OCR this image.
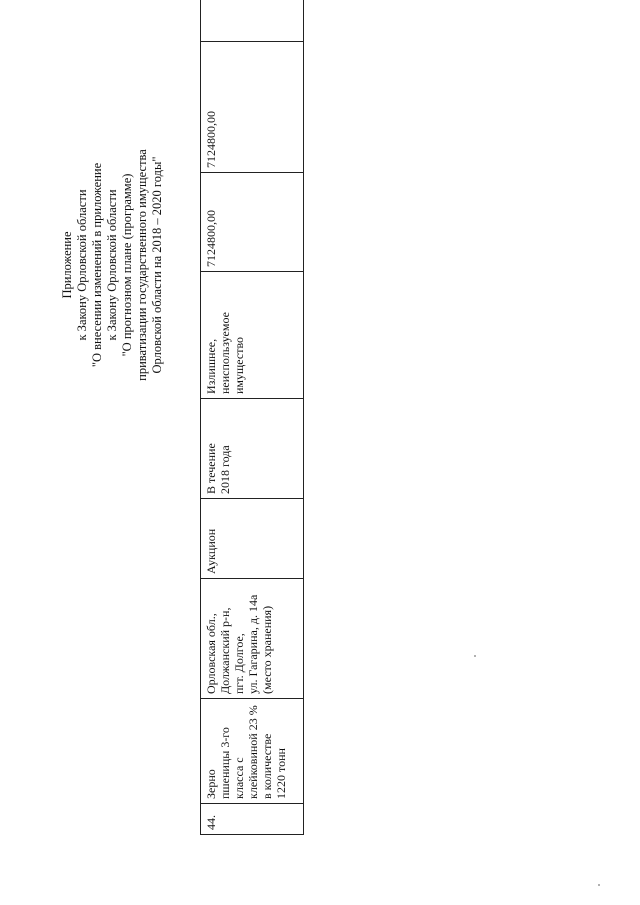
Приложение к Закону Орловской области "О внесении изменений в приложение к Закону Орловской области "О прогнозном плане (программе) приватизации государственного имущества Орловской области на 2018 – 2020 годы"
44.	Зерно
пшеницы 3-го
класса с
клейковиной 23 %
в количестве
1220 тонн	Орловская обл.,
Должанский р-н,
пгт. Долгое,
ул. Гагарина, д. 14а
(место хранения)	Аукцион	В течение
2018 года	Излишнее,
неиспользуемое
имущество	7124800,00	7124800,00	
